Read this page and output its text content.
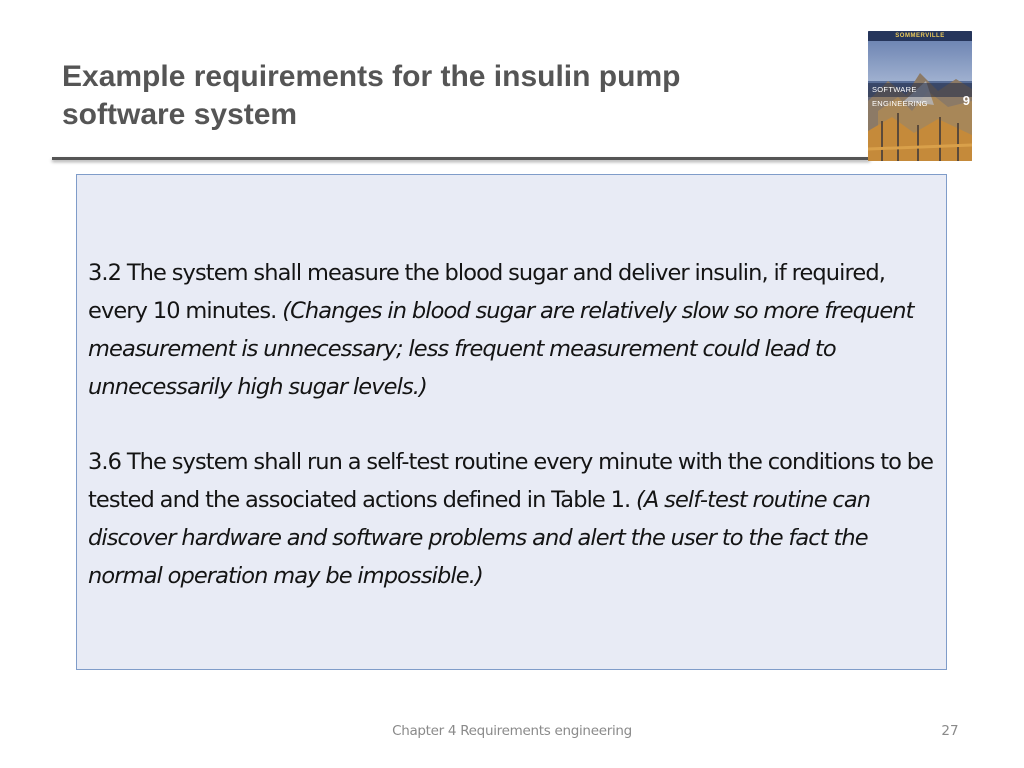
Example requirements for the insulin pump
software system
SOMMERVILLE
SOFTWARE ENGINEERING	9

3.2 The system shall measure the blood sugar and deliver insulin, if required, every 10 minutes. (Changes in blood sugar are relatively slow so more frequent measurement is unnecessary; less frequent measurement could lead to unnecessarily high sugar levels.)

3.6 The system shall run a self-test routine every minute with the conditions to be tested and the associated actions defined in Table 1. (A self-test routine can discover hardware and software problems and alert the user to the fact the normal operation may be impossible.)

Chapter 4 Requirements engineering	27
